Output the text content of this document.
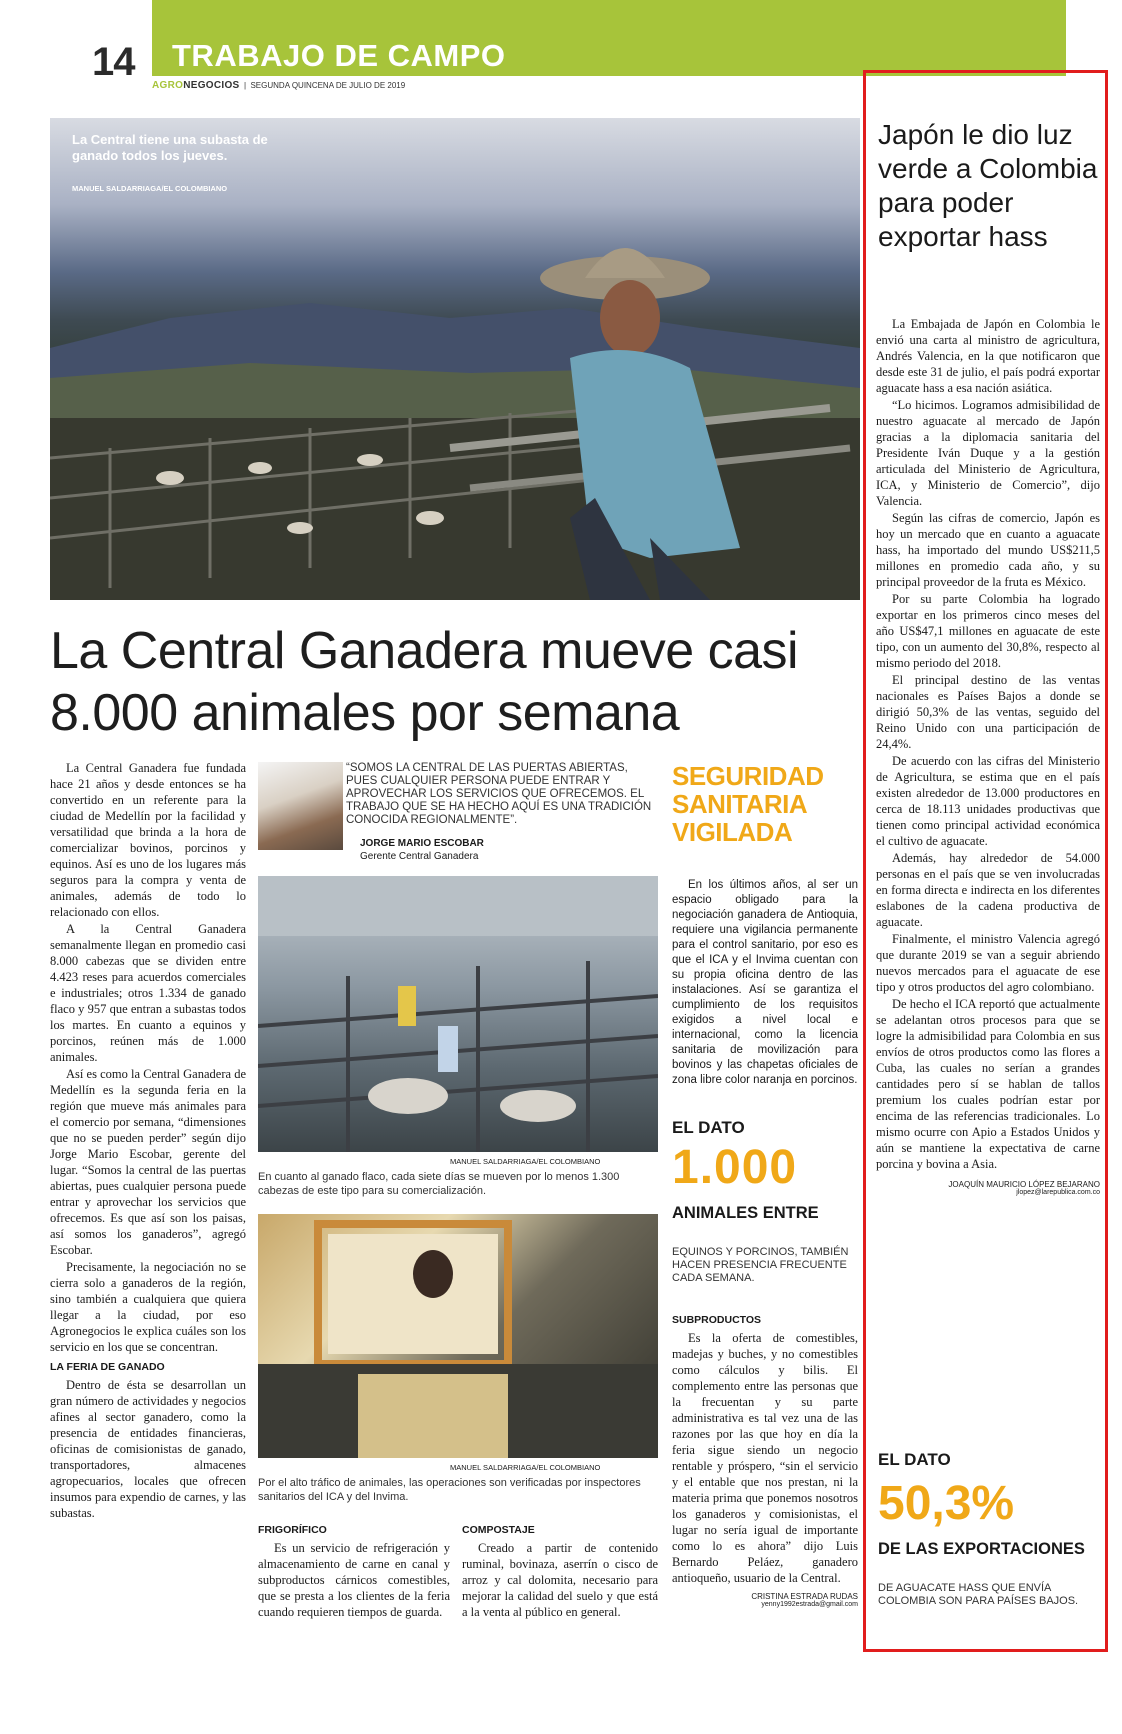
14 TRABAJO DE CAMPO
AGRONEGOCIOS  |  SEGUNDA QUINCENA DE JULIO DE 2019
La Central tiene una subasta de ganado todos los jueves.
MANUEL SALDARRIAGA/EL COLOMBIANO
La Central Ganadera mueve casi 8.000 animales por semana

La Central Ganadera fue fundada hace 21 años y desde entonces se ha convertido en un referente para la ciudad de Medellín por la facilidad y versatilidad que brinda a la hora de comercializar bovinos, porcinos y equinos. Así es uno de los lugares más seguros para la compra y venta de animales, además de todo lo relacionado con ellos.

A la Central Ganadera semanalmente llegan en promedio casi 8.000 cabezas que se dividen entre 4.423 reses para acuerdos comerciales e industriales; otros 1.334 de ganado flaco y 957 que entran a subastas todos los martes. En cuanto a equinos y porcinos, reúnen más de 1.000 animales.

Así es como la Central Ganadera de Medellín es la segunda feria en la región que mueve más animales para el comercio por semana, “dimensiones que no se pueden perder” según dijo Jorge Mario Escobar, gerente del lugar. “Somos la central de las puertas abiertas, pues cualquier persona puede entrar y aprovechar los servicios que ofrecemos. Es que así son los paisas, así somos los ganaderos”, agregó Escobar.

Precisamente, la negociación no se cierra solo a ganaderos de la región, sino también a cualquiera que quiera llegar a la ciudad, por eso Agronegocios le explica cuáles son los servicio en los que se concentran.

LA FERIA DE GANADO

Dentro de ésta se desarrollan un gran número de actividades y negocios afines al sector ganadero, como la presencia de entidades financieras, oficinas de comisionistas de ganado, transportadores, almacenes agropecuarios, locales que ofrecen insumos para expendio de carnes, y las subastas.

“SOMOS LA CENTRAL DE LAS PUERTAS ABIERTAS, PUES CUALQUIER PERSONA PUEDE ENTRAR Y APROVECHAR LOS SERVICIOS QUE OFRECEMOS. EL TRABAJO QUE SE HA HECHO AQUÍ ES UNA TRADICIÓN CONOCIDA REGIONALMENTE”.
JORGE MARIO ESCOBAR
Gerente Central Ganadera
MANUEL SALDARRIAGA/EL COLOMBIANO
En cuanto al ganado flaco, cada siete días se mueven por lo menos 1.300 cabezas de este tipo para su comercialización.
MANUEL SALDARRIAGA/EL COLOMBIANO
Por el alto tráfico de animales, las operaciones son verificadas por inspectores sanitarios del ICA y del Invima.
FRIGORÍFICO

Es un servicio de refrigeración y almacenamiento de carne en canal y subproductos cárnicos comestibles, que se presta a los clientes de la feria cuando requieren tiempos de guarda.

COMPOSTAJE

Creado a partir de contenido ruminal, bovinaza, aserrín o cisco de arroz y cal dolomita, necesario para mejorar la calidad del suelo y que está a la venta al público en general.

SEGURIDAD SANITARIA VIGILADA

En los últimos años, al ser un espacio obligado para la negociación ganadera de Antioquia, requiere una vigilancia permanente para el control sanitario, por eso es que el ICA y el Invima cuentan con su propia oficina dentro de las instalaciones. Así se garantiza el cumplimiento de los requisitos exigidos a nivel local e internacional, como la licencia sanitaria de movilización para bovinos y las chapetas oficiales de zona libre color naranja en porcinos.

EL DATO
1.000
ANIMALES ENTRE
EQUINOS Y PORCINOS, TAMBIÉN HACEN PRESENCIA FRECUENTE CADA SEMANA.
SUBPRODUCTOS

Es la oferta de comestibles, madejas y buches, y no comestibles como cálculos y bilis. El complemento entre las personas que la frecuentan y su parte administrativa es tal vez una de las razones por las que hoy en día la feria sigue siendo un negocio rentable y próspero, “sin el servicio y el entable que nos prestan, ni la materia prima que ponemos nosotros los ganaderos y comisionistas, el lugar no sería igual de importante como lo es ahora” dijo Luis Bernardo Peláez, ganadero antioqueño, usuario de la Central.

CRISTINA ESTRADA RUDAS
yenny1992estrada@gmail.com
Japón le dio luz verde a Colombia para poder exportar hass

La Embajada de Japón en Colombia le envió una carta al ministro de agricultura, Andrés Valencia, en la que notificaron que desde este 31 de julio, el país podrá exportar aguacate hass a esa nación asiática.

“Lo hicimos. Logramos admisibilidad de nuestro aguacate al mercado de Japón gracias a la diplomacia sanitaria del Presidente Iván Duque y a la gestión articulada del Ministerio de Agricultura, ICA, y Ministerio de Comercio”, dijo Valencia.

Según las cifras de comercio, Japón es hoy un mercado que en cuanto a aguacate hass, ha importado del mundo US$211,5 millones en promedio cada año, y su principal proveedor de la fruta es México.

Por su parte Colombia ha logrado exportar en los primeros cinco meses del año US$47,1 millones en aguacate de este tipo, con un aumento del 30,8%, respecto al mismo periodo del 2018.

El principal destino de las ventas nacionales es Países Bajos a donde se dirigió 50,3% de las ventas, seguido del Reino Unido con una participación de 24,4%.

De acuerdo con las cifras del Ministerio de Agricultura, se estima que en el país existen alrededor de 13.000 productores en cerca de 18.113 unidades productivas que tienen como principal actividad económica el cultivo de aguacate.

Además, hay alrededor de 54.000 personas en el país que se ven involucradas en forma directa e indirecta en los diferentes eslabones de la cadena productiva de aguacate.

Finalmente, el ministro Valencia agregó que durante 2019 se van a seguir abriendo nuevos mercados para el aguacate de ese tipo y otros productos del agro colombiano.

De hecho el ICA reportó que actualmente se adelantan otros procesos para que se logre la admisibilidad para Colombia en sus envíos de otros productos como las flores a Cuba, las cuales no serían a grandes cantidades pero sí se hablan de tallos premium los cuales podrían estar por encima de las referencias tradicionales. Lo mismo ocurre con Apio a Estados Unidos y aún se mantiene la expectativa de carne porcina y bovina a Asia.

JOAQUÍN MAURICIO LÓPEZ BEJARANO
jlopez@larepublica.com.co
EL DATO
50,3%
DE LAS EXPORTACIONES
DE AGUACATE HASS QUE ENVÍA COLOMBIA SON PARA PAÍSES BAJOS.
